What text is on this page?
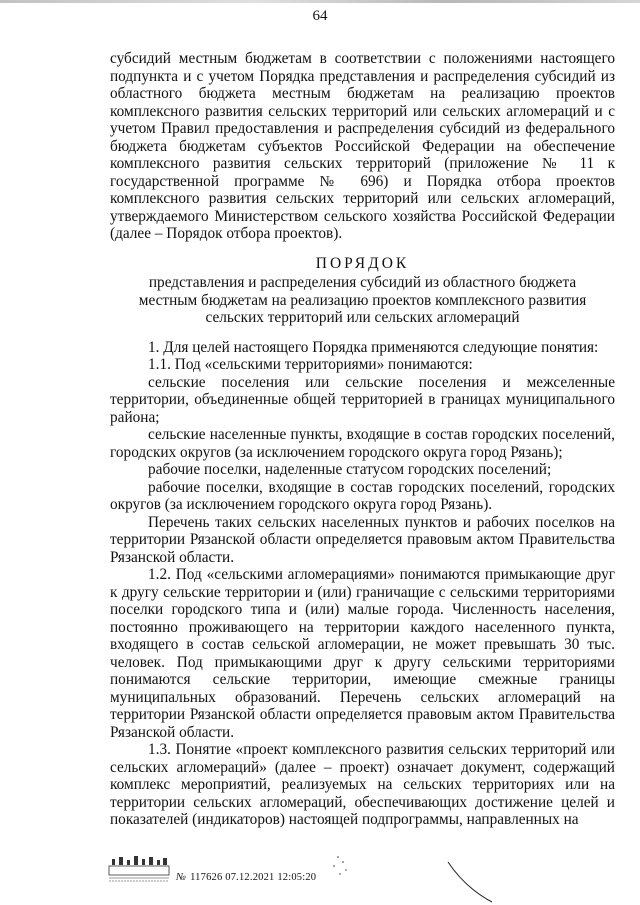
64

субсидий местным бюджетам в соответствии с положениями настоящего подпункта и с учетом Порядка представления и распределения субсидий из областного бюджета местным бюджетам на реализацию проектов комплексного развития сельских территорий или сельских агломераций и с учетом Правил предоставления и распределения субсидий из федерального бюджета бюджетам субъектов Российской Федерации на обеспечение комплексного развития сельских территорий (приложение № 11 к государственной программе № 696) и Порядка отбора проектов комплексного развития сельских территорий или сельских агломераций, утверждаемого Министерством сельского хозяйства Российской Федерации (далее – Порядок отбора проектов).

ПОРЯДОК

представления и распределения субсидий из областного бюджета местным бюджетам на реализацию проектов комплексного развития сельских территорий или сельских агломераций

1. Для целей настоящего Порядка применяются следующие понятия:

1.1. Под «сельскими территориями» понимаются:

сельские поселения или сельские поселения и межселенные территории, объединенные общей территорией в границах муниципального района;

сельские населенные пункты, входящие в состав городских поселений, городских округов (за исключением городского округа город Рязань);

рабочие поселки, наделенные статусом городских поселений;

рабочие поселки, входящие в состав городских поселений, городских округов (за исключением городского округа город Рязань).

Перечень таких сельских населенных пунктов и рабочих поселков на территории Рязанской области определяется правовым актом Правительства Рязанской области.

1.2. Под «сельскими агломерациями» понимаются примыкающие друг к другу сельские территории и (или) граничащие с сельскими территориями поселки городского типа и (или) малые города. Численность населения, постоянно проживающего на территории каждого населенного пункта, входящего в состав сельской агломерации, не может превышать 30 тыс. человек. Под примыкающими друг к другу сельскими территориями понимаются сельские территории, имеющие смежные границы муниципальных образований. Перечень сельских агломераций на территории Рязанской области определяется правовым актом Правительства Рязанской области.

1.3. Понятие «проект комплексного развития сельских территорий или сельских агломераций» (далее – проект) означает документ, содержащий комплекс мероприятий, реализуемых на сельских территориях или на территории сельских агломераций, обеспечивающих достижение целей и показателей (индикаторов) настоящей подпрограммы, направленных на

№ 117626 07.12.2021 12:05:20
